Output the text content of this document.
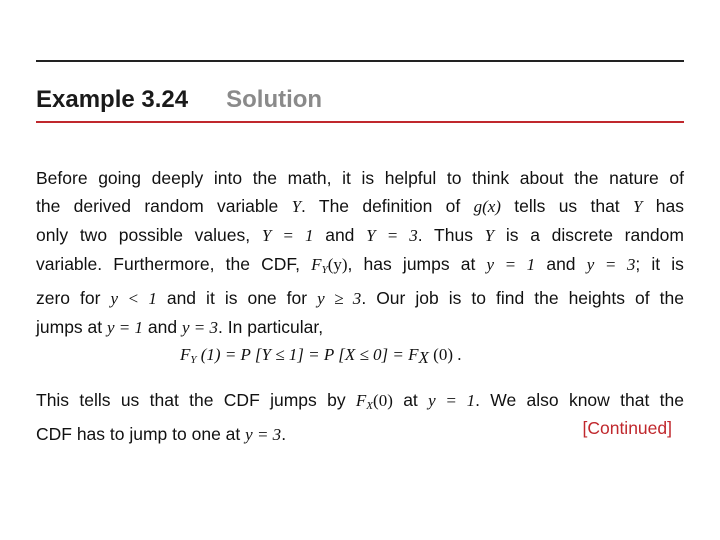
Example 3.24 Solution
Before going deeply into the math, it is helpful to think about the nature of
the derived random variable Y. The definition of g(x) tells us that Y has
only two possible values, Y = 1 and Y = 3. Thus Y is a discrete random
variable. Furthermore, the CDF, $F_Y(y)$, has jumps at y = 1 and y = 3; it is
zero for y < 1 and it is one for y ≥ 3. Our job is to find the heights of the
jumps at y = 1 and y = 3. In particular,
$F_Y$ (1) = P [Y ≤ 1] = P $[X \le 0] = F_X$ (0) .
This tells us that the CDF jumps by $F_X(0)$ at y = 1. We also know that the
CDF has to jump to one at y = 3.	[Continued]
